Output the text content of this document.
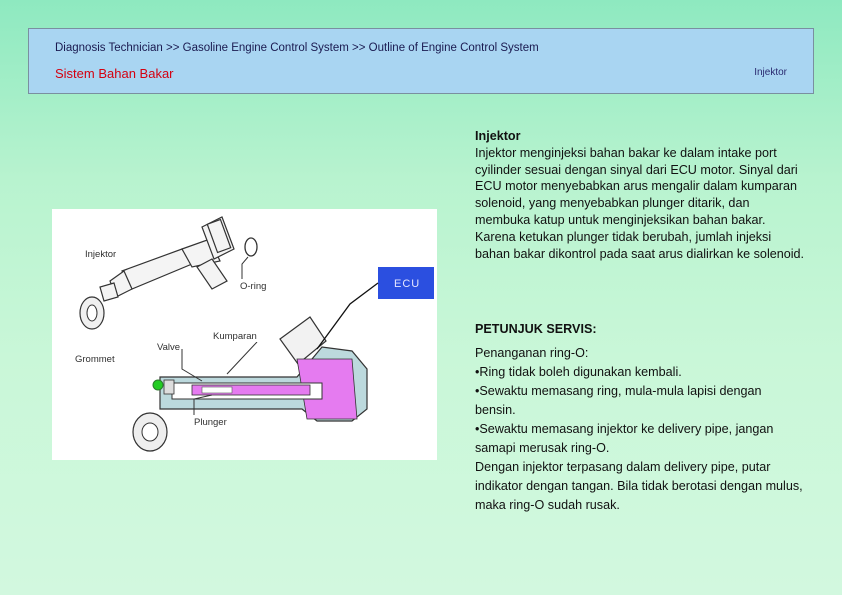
Diagnosis Technician >> Gasoline Engine Control System >> Outline of Engine Control System
Sistem Bahan Bakar	Injektor
Injektor
O-ring	ECU
Kumparan
Valve
Grommet
Plunger
Injektor
Injektor menginjeksi bahan bakar ke dalam intake port cyilinder sesuai dengan sinyal dari ECU motor. Sinyal dari ECU motor menyebabkan arus mengalir dalam kumparan solenoid, yang menyebabkan plunger ditarik, dan membuka katup untuk menginjeksikan bahan bakar.
Karena ketukan plunger tidak berubah, jumlah injeksi bahan bakar dikontrol pada saat arus dialirkan ke solenoid.
PETUNJUK SERVIS:
Penanganan ring-O:
•Ring tidak boleh digunakan kembali.
•Sewaktu memasang ring, mula-mula lapisi dengan bensin.
•Sewaktu memasang injektor ke delivery pipe, jangan samapi merusak ring-O.
Dengan injektor terpasang dalam delivery pipe, putar indikator dengan tangan. Bila tidak berotasi dengan mulus, maka ring-O sudah rusak.
